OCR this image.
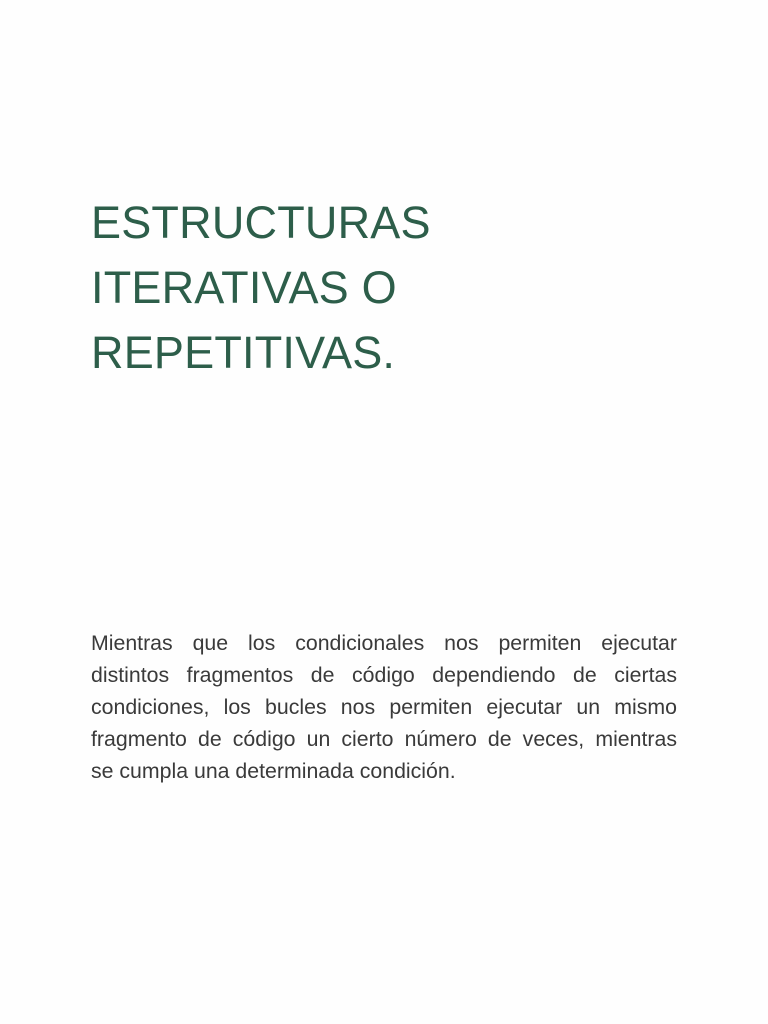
ESTRUCTURAS
ITERATIVAS O
REPETITIVAS.

Mientras que los condicionales nos permiten ejecutar
distintos fragmentos de código dependiendo de ciertas
condiciones, los bucles nos permiten ejecutar un mismo
fragmento de código un cierto número de veces, mientras
se cumpla una determinada condición.
